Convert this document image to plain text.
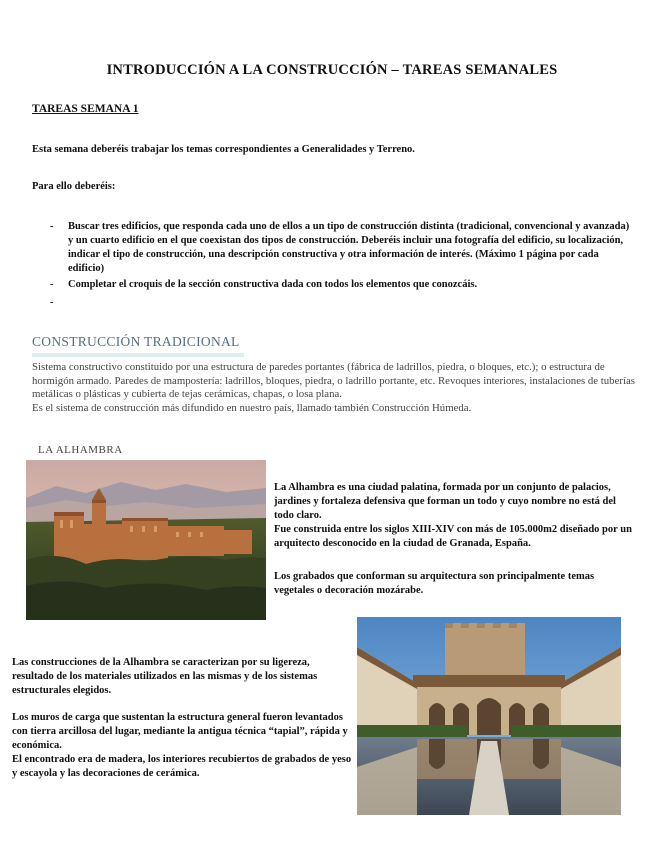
INTRODUCCIÓN A LA CONSTRUCCIÓN – TAREAS SEMANALES
TAREAS SEMANA 1
Esta semana deberéis trabajar los temas correspondientes a Generalidades y Terreno.
Para ello deberéis:
- Buscar tres edificios, que responda cada uno de ellos a un tipo de construcción distinta (tradicional, convencional y avanzada) y un cuarto edificio en el que coexistan dos tipos de construcción. Deberéis incluir una fotografía del edificio, su localización, indicar el tipo de construcción, una descripción constructiva y otra información de interés. (Máximo 1 página por cada edificio)
- Completar el croquis de la sección constructiva dada con todos los elementos que conozcáis.
-
CONSTRUCCIÓN TRADICIONAL
Sistema constructivo constituido por una estructura de paredes portantes (fábrica de ladrillos, piedra, o bloques, etc.); o estructura de hormigón armado. Paredes de mampostería: ladrillos, bloques, piedra, o ladrillo portante, etc. Revoques interiores, instalaciones de tuberías metálicas o plásticas y cubierta de tejas cerámicas, chapas, o losa plana.
Es el sistema de construcción más difundido en nuestro país, llamado también Construcción Húmeda.
LA ALHAMBRA
La Alhambra es una ciudad palatina, formada por un conjunto de palacios, jardines y fortaleza defensiva que forman un todo y cuyo nombre no está del todo claro.
Fue construida entre los siglos XIII-XIV con más de 105.000m2 diseñado por un arquitecto desconocido en la ciudad de Granada, España.
Los grabados que conforman su arquitectura son principalmente temas vegetales o decoración mozárabe.
Las construcciones de la Alhambra se caracterizan por su ligereza, resultado de los materiales utilizados en las mismas y de los sistemas estructurales elegidos.
Los muros de carga que sustentan la estructura general fueron levantados con tierra arcillosa del lugar, mediante la antigua técnica “tapial”, rápida y económica.
El encontrado era de madera, los interiores recubiertos de grabados de yeso y escayola y las decoraciones de cerámica.
